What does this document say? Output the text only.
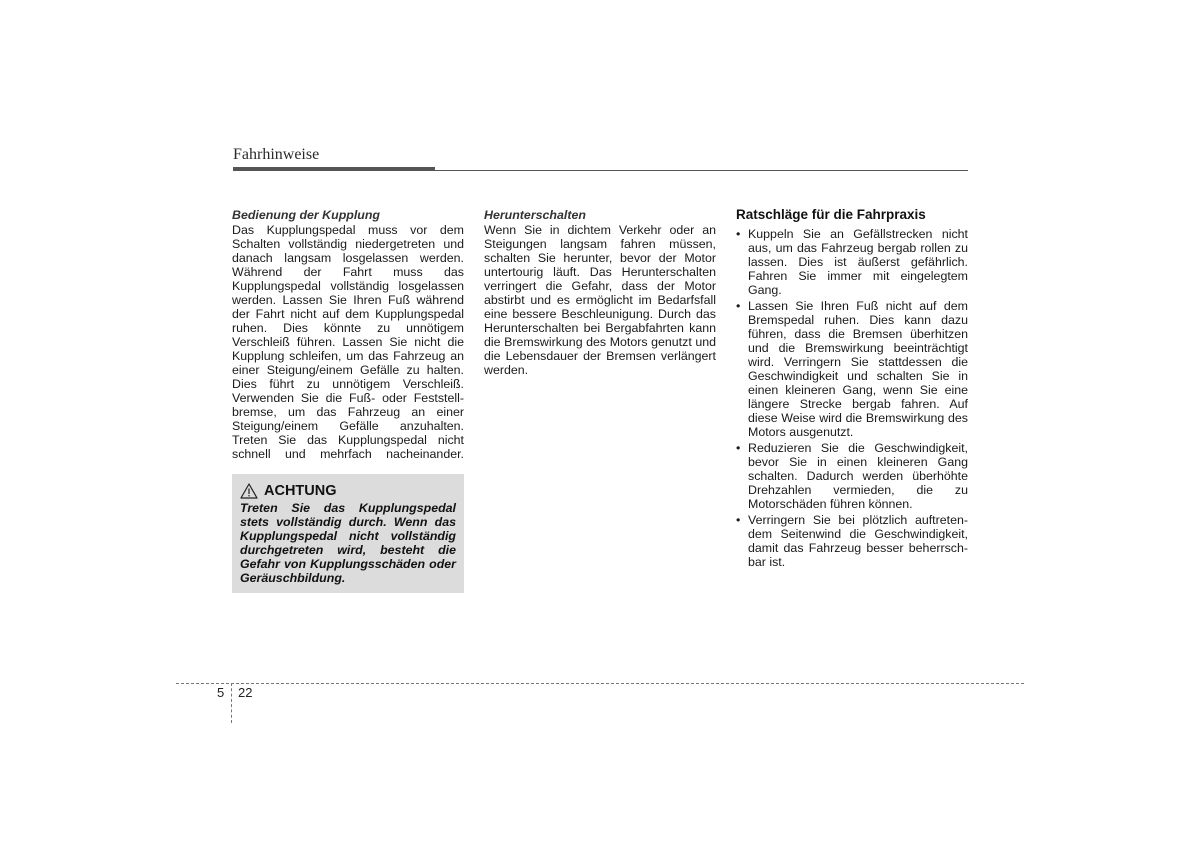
Fahrhinweise
Bedienung der Kupplung

Das Kupplungspedal muss vor dem Schalten vollständig niedergetreten und danach langsam losgelassen werden. Während der Fahrt muss das Kupplungspedal vollständig losgelassen werden. Lassen Sie Ihren Fuß während der Fahrt nicht auf dem Kupplungspedal ruhen. Dies könnte zu unnötigem Verschleiß führen. Lassen Sie nicht die Kupplung schleifen, um das Fahrzeug an einer Steigung/einem Gefälle zu halten. Dies führt zu unnötigem Verschleiß. Verwenden Sie die Fuß- oder Feststell-bremse, um das Fahrzeug an einer Steigung/einem Gefälle anzuhalten. Treten Sie das Kupplungspedal nicht schnell und mehrfach nacheinander.

ACHTUNG

Treten Sie das Kupplungspedal stets vollständig durch. Wenn das Kupplungspedal nicht vollständig durchgetreten wird, besteht die Gefahr von Kupplungsschäden oder Geräuschbildung.

Herunterschalten

Wenn Sie in dichtem Verkehr oder an Steigungen langsam fahren müssen, schalten Sie herunter, bevor der Motor untertourig läuft. Das Herunterschalten verringert die Gefahr, dass der Motor abstirbt und es ermöglicht im Bedarfsfall eine bessere Beschleunigung. Durch das Herunterschalten bei Bergabfahrten kann die Bremswirkung des Motors genutzt und die Lebensdauer der Bremsen verlängert werden.

Ratschläge für die Fahrpraxis
• Kuppeln Sie an Gefällstrecken nicht aus, um das Fahrzeug bergab rollen zu lassen. Dies ist äußerst gefährlich. Fahren Sie immer mit eingelegtem Gang.
• Lassen Sie Ihren Fuß nicht auf dem Bremspedal ruhen. Dies kann dazu führen, dass die Bremsen überhitzen und die Bremswirkung beeinträchtigt wird. Verringern Sie stattdessen die Geschwindigkeit und schalten Sie in einen kleineren Gang, wenn Sie eine längere Strecke bergab fahren. Auf diese Weise wird die Bremswirkung des Motors ausgenutzt.
• Reduzieren Sie die Geschwindigkeit, bevor Sie in einen kleineren Gang schalten. Dadurch werden überhöhte Drehzahlen vermieden, die zu Motorschäden führen können.
• Verringern Sie bei plötzlich auftreten-dem Seitenwind die Geschwindigkeit, damit das Fahrzeug besser beherrsch-bar ist.
5 22
